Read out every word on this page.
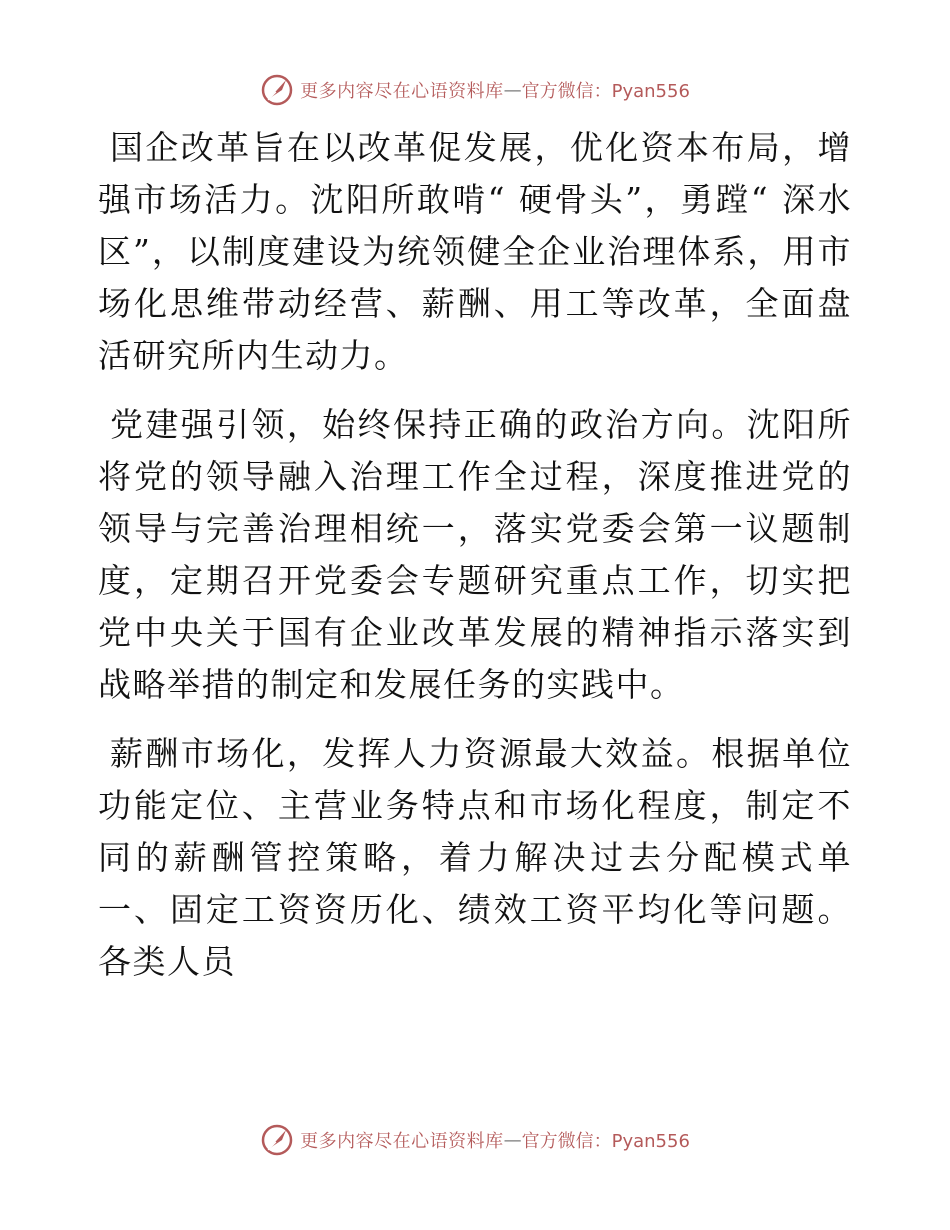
更多内容尽在心语资料库 — 官方微信：Pyan556

国企改革旨在以改革促发展，优化资本布局，增强市场活力。沈阳所敢啃“ 硬骨头”，勇蹚“ 深水区”，以制度建设为统领健全企业治理体系，用市场化思维带动经营、薪酬、用工等改革，全面盘活研究所内生动力。

党建强引领，始终保持正确的政治方向。沈阳所将党的领导融入治理工作全过程，深度推进党的领导与完善治理相统一，落实党委会第一议题制度，定期召开党委会专题研究重点工作，切实把党中央关于国有企业改革发展的精神指示落实到战略举措的制定和发展任务的实践中。

薪酬市场化，发挥人力资源最大效益。根据单位功能定位、主营业务特点和市场化程度，制定不同的薪酬管控策略，着力解决过去分配模式单一、固定工资资历化、绩效工资平均化等问题。各类人员

更多内容尽在心语资料库 — 官方微信：Pyan556
